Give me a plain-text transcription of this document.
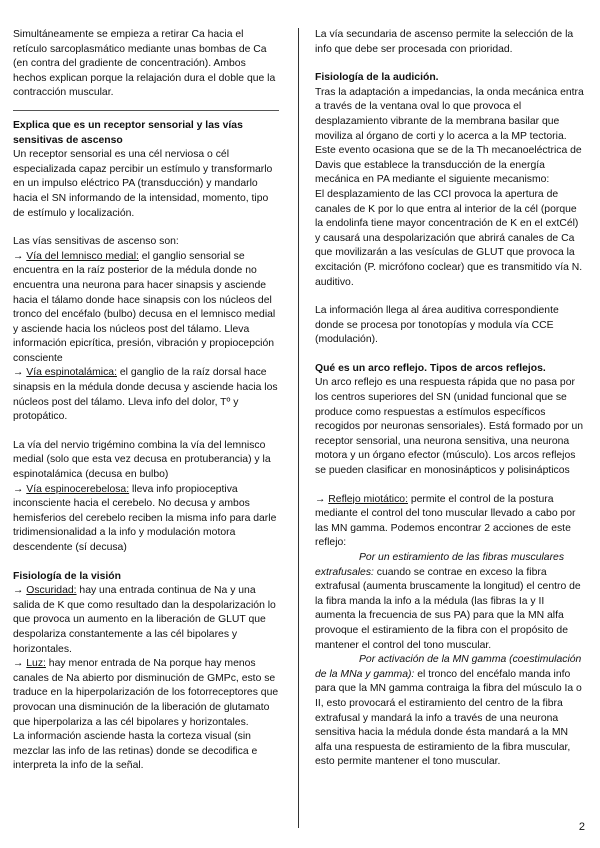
Simultáneamente se empieza a retirar Ca hacia el retículo sarcoplasmático mediante unas bombas de Ca (en contra del gradiente de concentración). Ambos hechos explican porque la relajación dura el doble que la contracción muscular.

Explica que es un receptor sensorial y las vías sensitivas de ascenso

Un receptor sensorial es una cél nerviosa o cél especializada capaz percibir un estímulo y transformarlo en un impulso eléctrico PA (transducción) y mandarlo hacia el SN informando de la intensidad, momento, tipo de estímulo y localización.

Las vías sensitivas de ascenso son:

→ Vía del lemnisco medial: el ganglio sensorial se encuentra en la raíz posterior de la médula donde no encuentra una neurona para hacer sinapsis y asciende hacia el tálamo donde hace sinapsis con los núcleos del tronco del encéfalo (bulbo) decusa en el lemnisco medial y asciende hacia los núcleos post del tálamo. Lleva información epicrítica, presión, vibración y propiocepción consciente

→ Vía espinotalámica: el ganglio de la raíz dorsal hace sinapsis en la médula donde decusa y asciende hacia los núcleos post del tálamo. Lleva info del dolor, Tº y protopático.

La vía del nervio trigémino combina la vía del lemnisco medial (solo que esta vez decusa en protuberancia) y la espinotalámica (decusa en bulbo)

→ Vía espinocerebelosa: lleva info propioceptiva inconsciente hacia el cerebelo. No decusa y ambos hemisferios del cerebelo reciben la misma info para darle tridimensionalidad a la info y modulación motora descendente (sí decusa)

Fisiología de la visión

→ Oscuridad: hay una entrada continua de Na y una salida de K que como resultado dan la despolarización lo que provoca un aumento en la liberación de GLUT que despolariza constantemente a las cél bipolares y horizontales.

→ Luz: hay menor entrada de Na porque hay menos canales de Na abierto por disminución de GMPc, esto se traduce en la hiperpolarización de los fotorreceptores que provocan una disminución de la liberación de glutamato que hiperpolariza a las cél bipolares y horizontales.

La información asciende hasta la corteza visual (sin mezclar las info de las retinas) donde se decodifica e interpreta la info de la señal.

La vía secundaria de ascenso permite la selección de la info que debe ser procesada con prioridad.

Fisiología de la audición.

Tras la adaptación a impedancias, la onda mecánica entra a través de la ventana oval lo que provoca el desplazamiento vibrante de la membrana basilar que moviliza al órgano de corti y lo acerca a la MP tectoria. Este evento ocasiona que se de la Th mecanoeléctrica de Davis que establece la transducción de la energía mecánica en PA mediante el siguiente mecanismo:

El desplazamiento de las CCI provoca la apertura de canales de K por lo que entra al interior de la cél (porque la endolinfa tiene mayor concentración de K en el extCél) y causará una despolarización que abrirá canales de Ca que movilizarán a las vesículas de GLUT que provoca la excitación (P. micrófono coclear) que es transmitido vía N. auditivo.

La información llega al área auditiva correspondiente donde se procesa por tonotopías y modula vía CCE (modulación).

Qué es un arco reflejo. Tipos de arcos reflejos.

Un arco reflejo es una respuesta rápida que no pasa por los centros superiores del SN (unidad funcional que se produce como respuestas a estímulos específicos recogidos por neuronas sensoriales). Está formado por un receptor sensorial, una neurona sensitiva, una neurona motora y un órgano efector (músculo). Los arcos reflejos se pueden clasificar en monosinápticos y polisinápticos

→ Reflejo miotático: permite el control de la postura mediante el control del tono muscular llevado a cabo por las MN gamma. Podemos encontrar 2 acciones de este reflejo:

Por un estiramiento de las fibras musculares extrafusales: cuando se contrae en exceso la fibra extrafusal (aumenta bruscamente la longitud) el centro de la fibra manda la info a la médula (las fibras Ia y II aumenta la frecuencia de sus PA) para que la MN alfa provoque el estiramiento de la fibra con el propósito de mantener el control del tono muscular.

Por activación de la MN gamma (coestimulación de la MNa y gamma): el tronco del encéfalo manda info para que la MN gamma contraiga la fibra del músculo Ia o II, esto provocará el estiramiento del centro de la fibra extrafusal y mandará la info a través de una neurona sensitiva hacia la médula donde ésta mandará a la MN alfa una respuesta de estiramiento de la fibra muscular, esto permite mantener el tono muscular.

2
